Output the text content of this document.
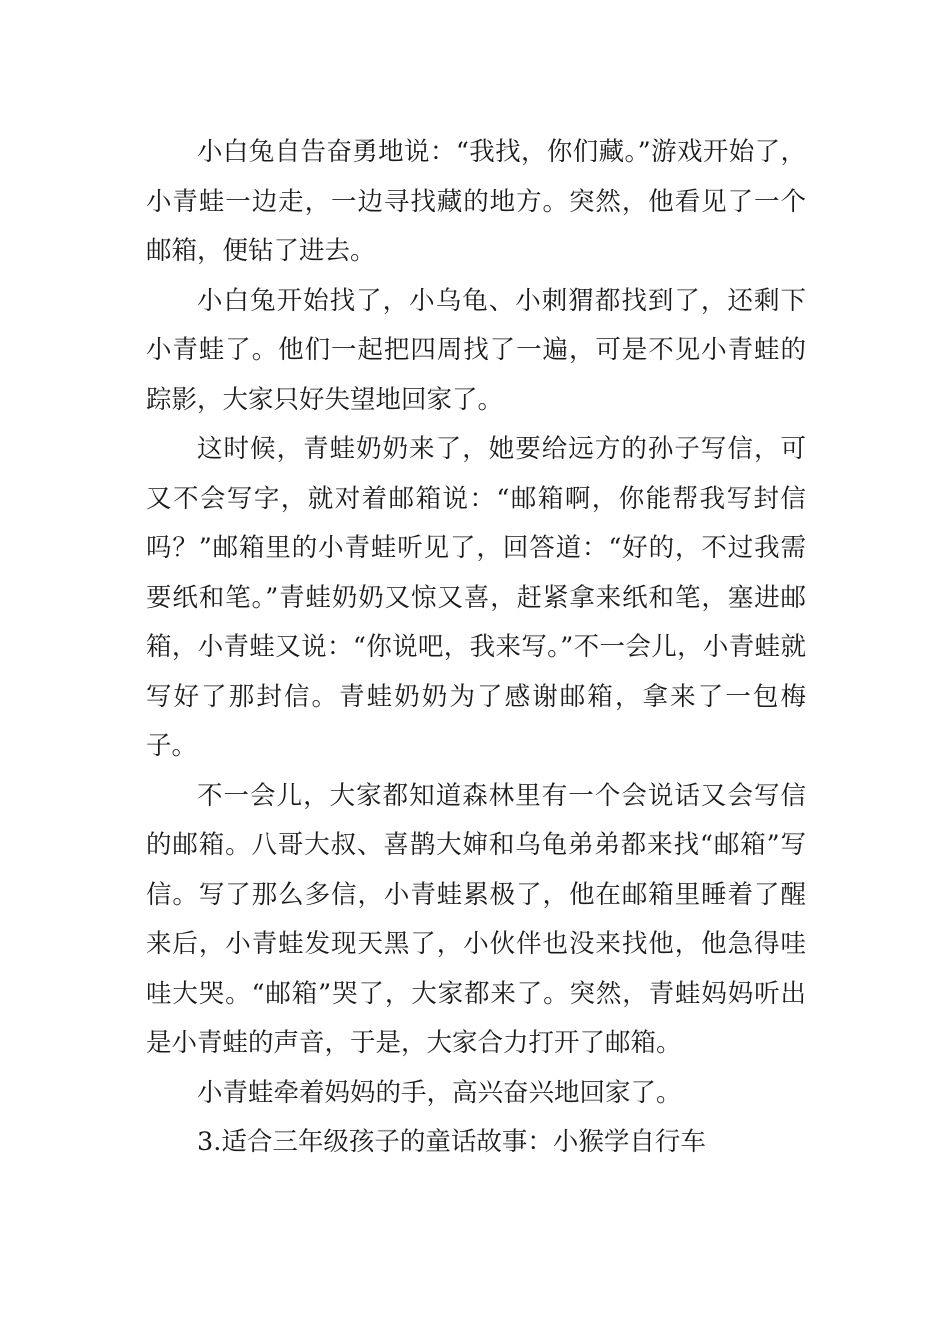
小白兔自告奋勇地说：“我找，你们藏。”游戏开始了，小青蛙一边走，一边寻找藏的地方。突然，他看见了一个邮箱，便钻了进去。

小白兔开始找了，小乌龟、小刺猬都找到了，还剩下小青蛙了。他们一起把四周找了一遍，可是不见小青蛙的踪影，大家只好失望地回家了。

这时候，青蛙奶奶来了，她要给远方的孙子写信，可又不会写字，就对着邮箱说：“邮箱啊，你能帮我写封信吗？”邮箱里的小青蛙听见了，回答道：“好的，不过我需要纸和笔。”青蛙奶奶又惊又喜，赶紧拿来纸和笔，塞进邮箱，小青蛙又说：“你说吧，我来写。”不一会儿，小青蛙就写好了那封信。青蛙奶奶为了感谢邮箱，拿来了一包梅子。

不一会儿，大家都知道森林里有一个会说话又会写信的邮箱。八哥大叔、喜鹊大婶和乌龟弟弟都来找“邮箱”写信。写了那么多信，小青蛙累极了，他在邮箱里睡着了醒来后，小青蛙发现天黑了，小伙伴也没来找他，他急得哇哇大哭。“邮箱”哭了，大家都来了。突然，青蛙妈妈听出是小青蛙的声音，于是，大家合力打开了邮箱。

小青蛙牵着妈妈的手，高兴奋兴地回家了。

3.适合三年级孩子的童话故事：小猴学自行车
